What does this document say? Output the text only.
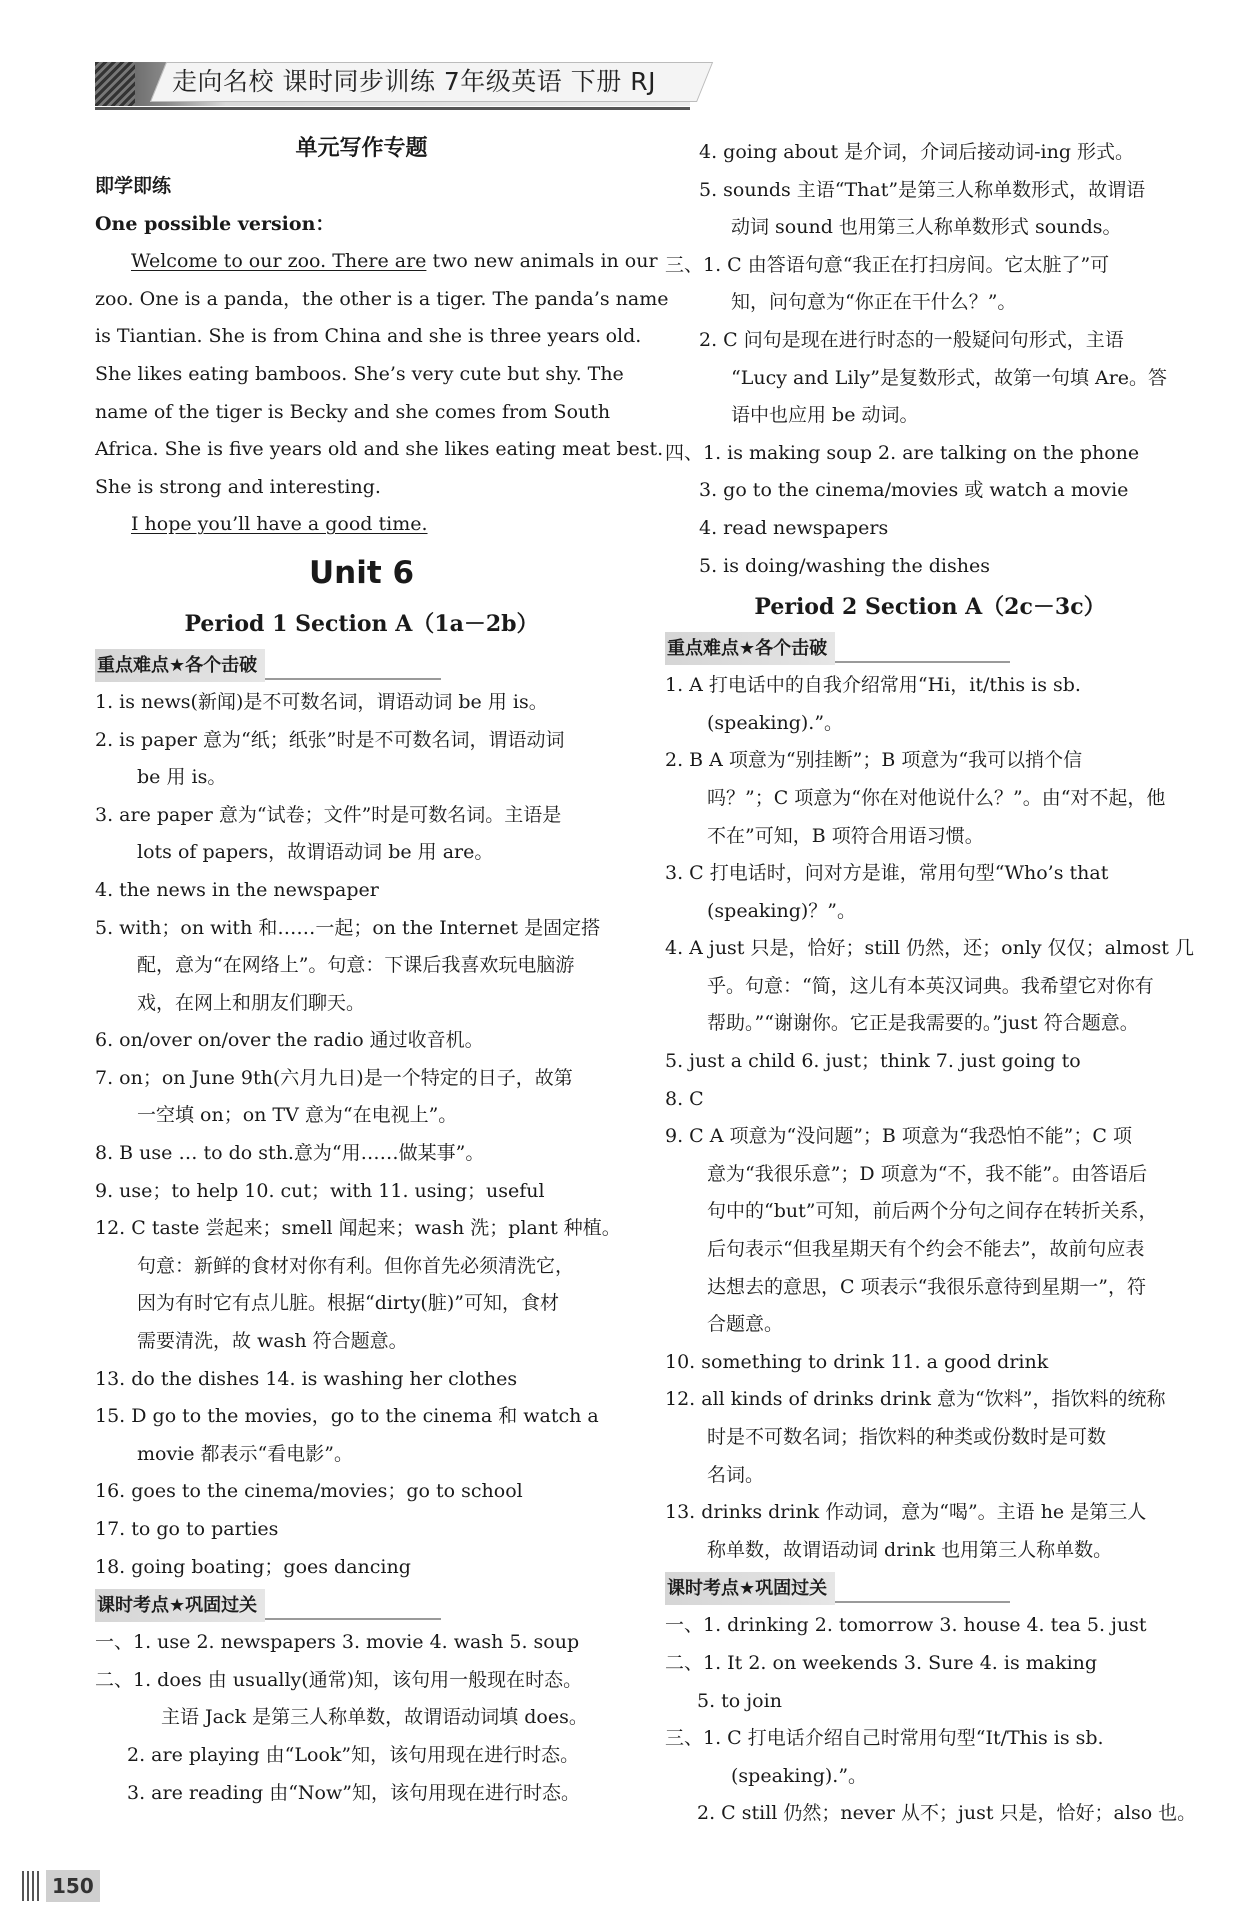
走向名校 课时同步训练 7年级英语 下册 RJ
单元写作专题
即学即练
One possible version：
Welcome to our zoo. There are two new animals in our
zoo. One is a panda，the other is a tiger. The panda’s name
is Tiantian. She is from China and she is three years old.
She likes eating bamboos. She’s very cute but shy. The
name of the tiger is Becky and she comes from South
Africa. She is five years old and she likes eating meat best.
She is strong and interesting.
I hope you’ll have a good time.
Unit 6
Period 1 Section A（1a－2b）
重点难点★各个击破
1. is news(新闻)是不可数名词，谓语动词 be 用 is。
2. is paper 意为“纸；纸张”时是不可数名词，谓语动词
be 用 is。
3. are paper 意为“试卷；文件”时是可数名词。主语是
lots of papers，故谓语动词 be 用 are。
4. the news in the newspaper
5. with；on with 和……一起；on the Internet 是固定搭
配，意为“在网络上”。句意：下课后我喜欢玩电脑游
戏，在网上和朋友们聊天。
6. on/over on/over the radio 通过收音机。
7. on；on June 9th(六月九日)是一个特定的日子，故第
一空填 on；on TV 意为“在电视上”。
8. B use … to do sth.意为“用……做某事”。
9. use；to help 10. cut；with 11. using；useful
12. C taste 尝起来；smell 闻起来；wash 洗；plant 种植。
句意：新鲜的食材对你有利。但你首先必须清洗它，
因为有时它有点儿脏。根据“dirty(脏)”可知，食材
需要清洗，故 wash 符合题意。
13. do the dishes 14. is washing her clothes
15. D go to the movies，go to the cinema 和 watch a
movie 都表示“看电影”。
16. goes to the cinema/movies；go to school
17. to go to parties
18. going boating；goes dancing
课时考点★巩固过关
一、1. use 2. newspapers 3. movie 4. wash 5. soup
二、1. does 由 usually(通常)知，该句用一般现在时态。
主语 Jack 是第三人称单数，故谓语动词填 does。
2. are playing 由“Look”知，该句用现在进行时态。
3. are reading 由“Now”知，该句用现在进行时态。
4. going about 是介词，介词后接动词-ing 形式。
5. sounds 主语“That”是第三人称单数形式，故谓语
动词 sound 也用第三人称单数形式 sounds。
三、1. C 由答语句意“我正在打扫房间。它太脏了”可
知，问句意为“你正在干什么？”。
2. C 问句是现在进行时态的一般疑问句形式，主语
“Lucy and Lily”是复数形式，故第一句填 Are。答
语中也应用 be 动词。
四、1. is making soup 2. are talking on the phone
3. go to the cinema/movies 或 watch a movie
4. read newspapers
5. is doing/washing the dishes
Period 2 Section A（2c－3c）
重点难点★各个击破
1. A 打电话中的自我介绍常用“Hi，it/this is sb.
(speaking).”。
2. B A 项意为“别挂断”；B 项意为“我可以捎个信
吗？”；C 项意为“你在对他说什么？”。由“对不起，他
不在”可知，B 项符合用语习惯。
3. C 打电话时，问对方是谁，常用句型“Who’s that
(speaking)？”。
4. A just 只是，恰好；still 仍然，还；only 仅仅；almost 几
乎。句意：“简，这儿有本英汉词典。我希望它对你有
帮助。”“谢谢你。它正是我需要的。”just 符合题意。
5. just a child 6. just；think 7. just going to
8. C
9. C A 项意为“没问题”；B 项意为“我恐怕不能”；C 项
意为“我很乐意”；D 项意为“不，我不能”。由答语后
句中的“but”可知，前后两个分句之间存在转折关系，
后句表示“但我星期天有个约会不能去”，故前句应表
达想去的意思，C 项表示“我很乐意待到星期一”，符
合题意。
10. something to drink 11. a good drink
12. all kinds of drinks drink 意为“饮料”，指饮料的统称
时是不可数名词；指饮料的种类或份数时是可数
名词。
13. drinks drink 作动词，意为“喝”。主语 he 是第三人
称单数，故谓语动词 drink 也用第三人称单数。
课时考点★巩固过关
一、1. drinking 2. tomorrow 3. house 4. tea 5. just
二、1. It 2. on weekends 3. Sure 4. is making
5. to join
三、1. C 打电话介绍自己时常用句型“It/This is sb.
(speaking).”。
2. C still 仍然；never 从不；just 只是，恰好；also 也。
150
